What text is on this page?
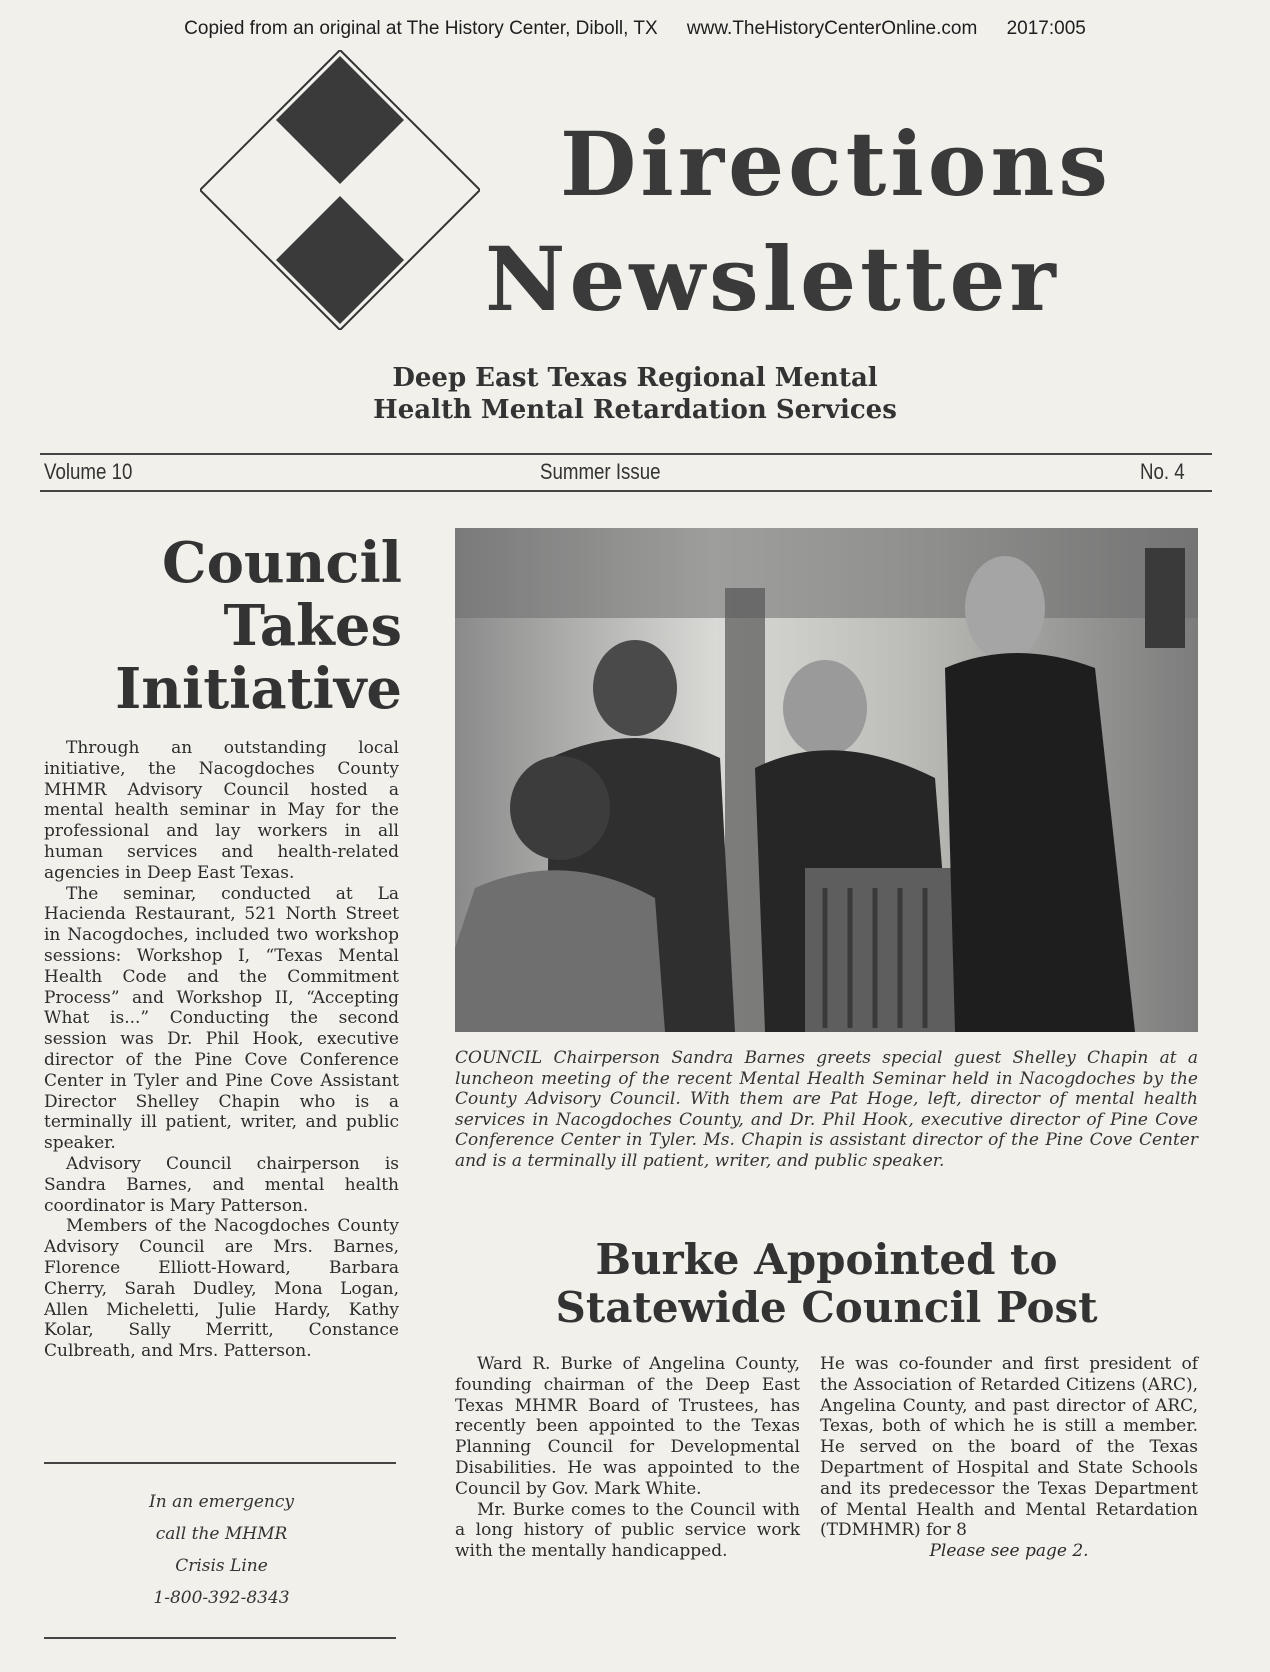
Copied from an original at The History Center, Diboll, TX www.TheHistoryCenterOnline.com 2017:005
Directions
Newsletter
Deep East Texas Regional Mental
Health Mental Retardation Services
Volume 10	Summer Issue	No. 4
Council
Takes
Initiative

Through an outstanding local initiative, the Nacogdoches County MHMR Advisory Council hosted a mental health seminar in May for the professional and lay workers in all human services and health-related agencies in Deep East Texas.

The seminar, conducted at La Hacienda Restaurant, 521 North Street in Nacogdoches, included two workshop sessions: Workshop I, “Texas Mental Health Code and the Commitment Process” and Workshop II, “Accepting What is...” Conducting the second session was Dr. Phil Hook, executive director of the Pine Cove Conference Center in Tyler and Pine Cove Assistant Director Shelley Chapin who is a terminally ill patient, writer, and public speaker.

Advisory Council chairperson is Sandra Barnes, and mental health coordinator is Mary Patterson.

Members of the Nacogdoches County Advisory Council are Mrs. Barnes, Florence Elliott-Howard, Barbara Cherry, Sarah Dudley, Mona Logan, Allen Micheletti, Julie Hardy, Kathy Kolar, Sally Merritt, Constance Culbreath, and Mrs. Patterson.

In an emergency
call the MHMR
Crisis Line
1-800-392-8343
COUNCIL Chairperson Sandra Barnes greets special guest Shelley Chapin at a luncheon meeting of the recent Mental Health Seminar held in Nacogdoches by the County Advisory Council. With them are Pat Hoge, left, director of mental health services in Nacogdoches County, and Dr. Phil Hook, executive director of Pine Cove Conference Center in Tyler. Ms. Chapin is assistant director of the Pine Cove Center and is a terminally ill patient, writer, and public speaker.
Burke Appointed to
Statewide Council Post

Ward R. Burke of Angelina County, founding chairman of the Deep East Texas MHMR Board of Trustees, has recently been appointed to the Texas Planning Council for Developmental Disabilities. He was appointed to the Council by Gov. Mark White.

Mr. Burke comes to the Council with a long history of public service work with the mentally handicapped.

He was co-founder and first president of the Association of Retarded Citizens (ARC), Angelina County, and past director of ARC, Texas, both of which he is still a member. He served on the board of the Texas Department of Hospital and State Schools and its predecessor the Texas Department of Mental Health and Mental Retardation (TDMHMR) for 8
Please see page 2.
